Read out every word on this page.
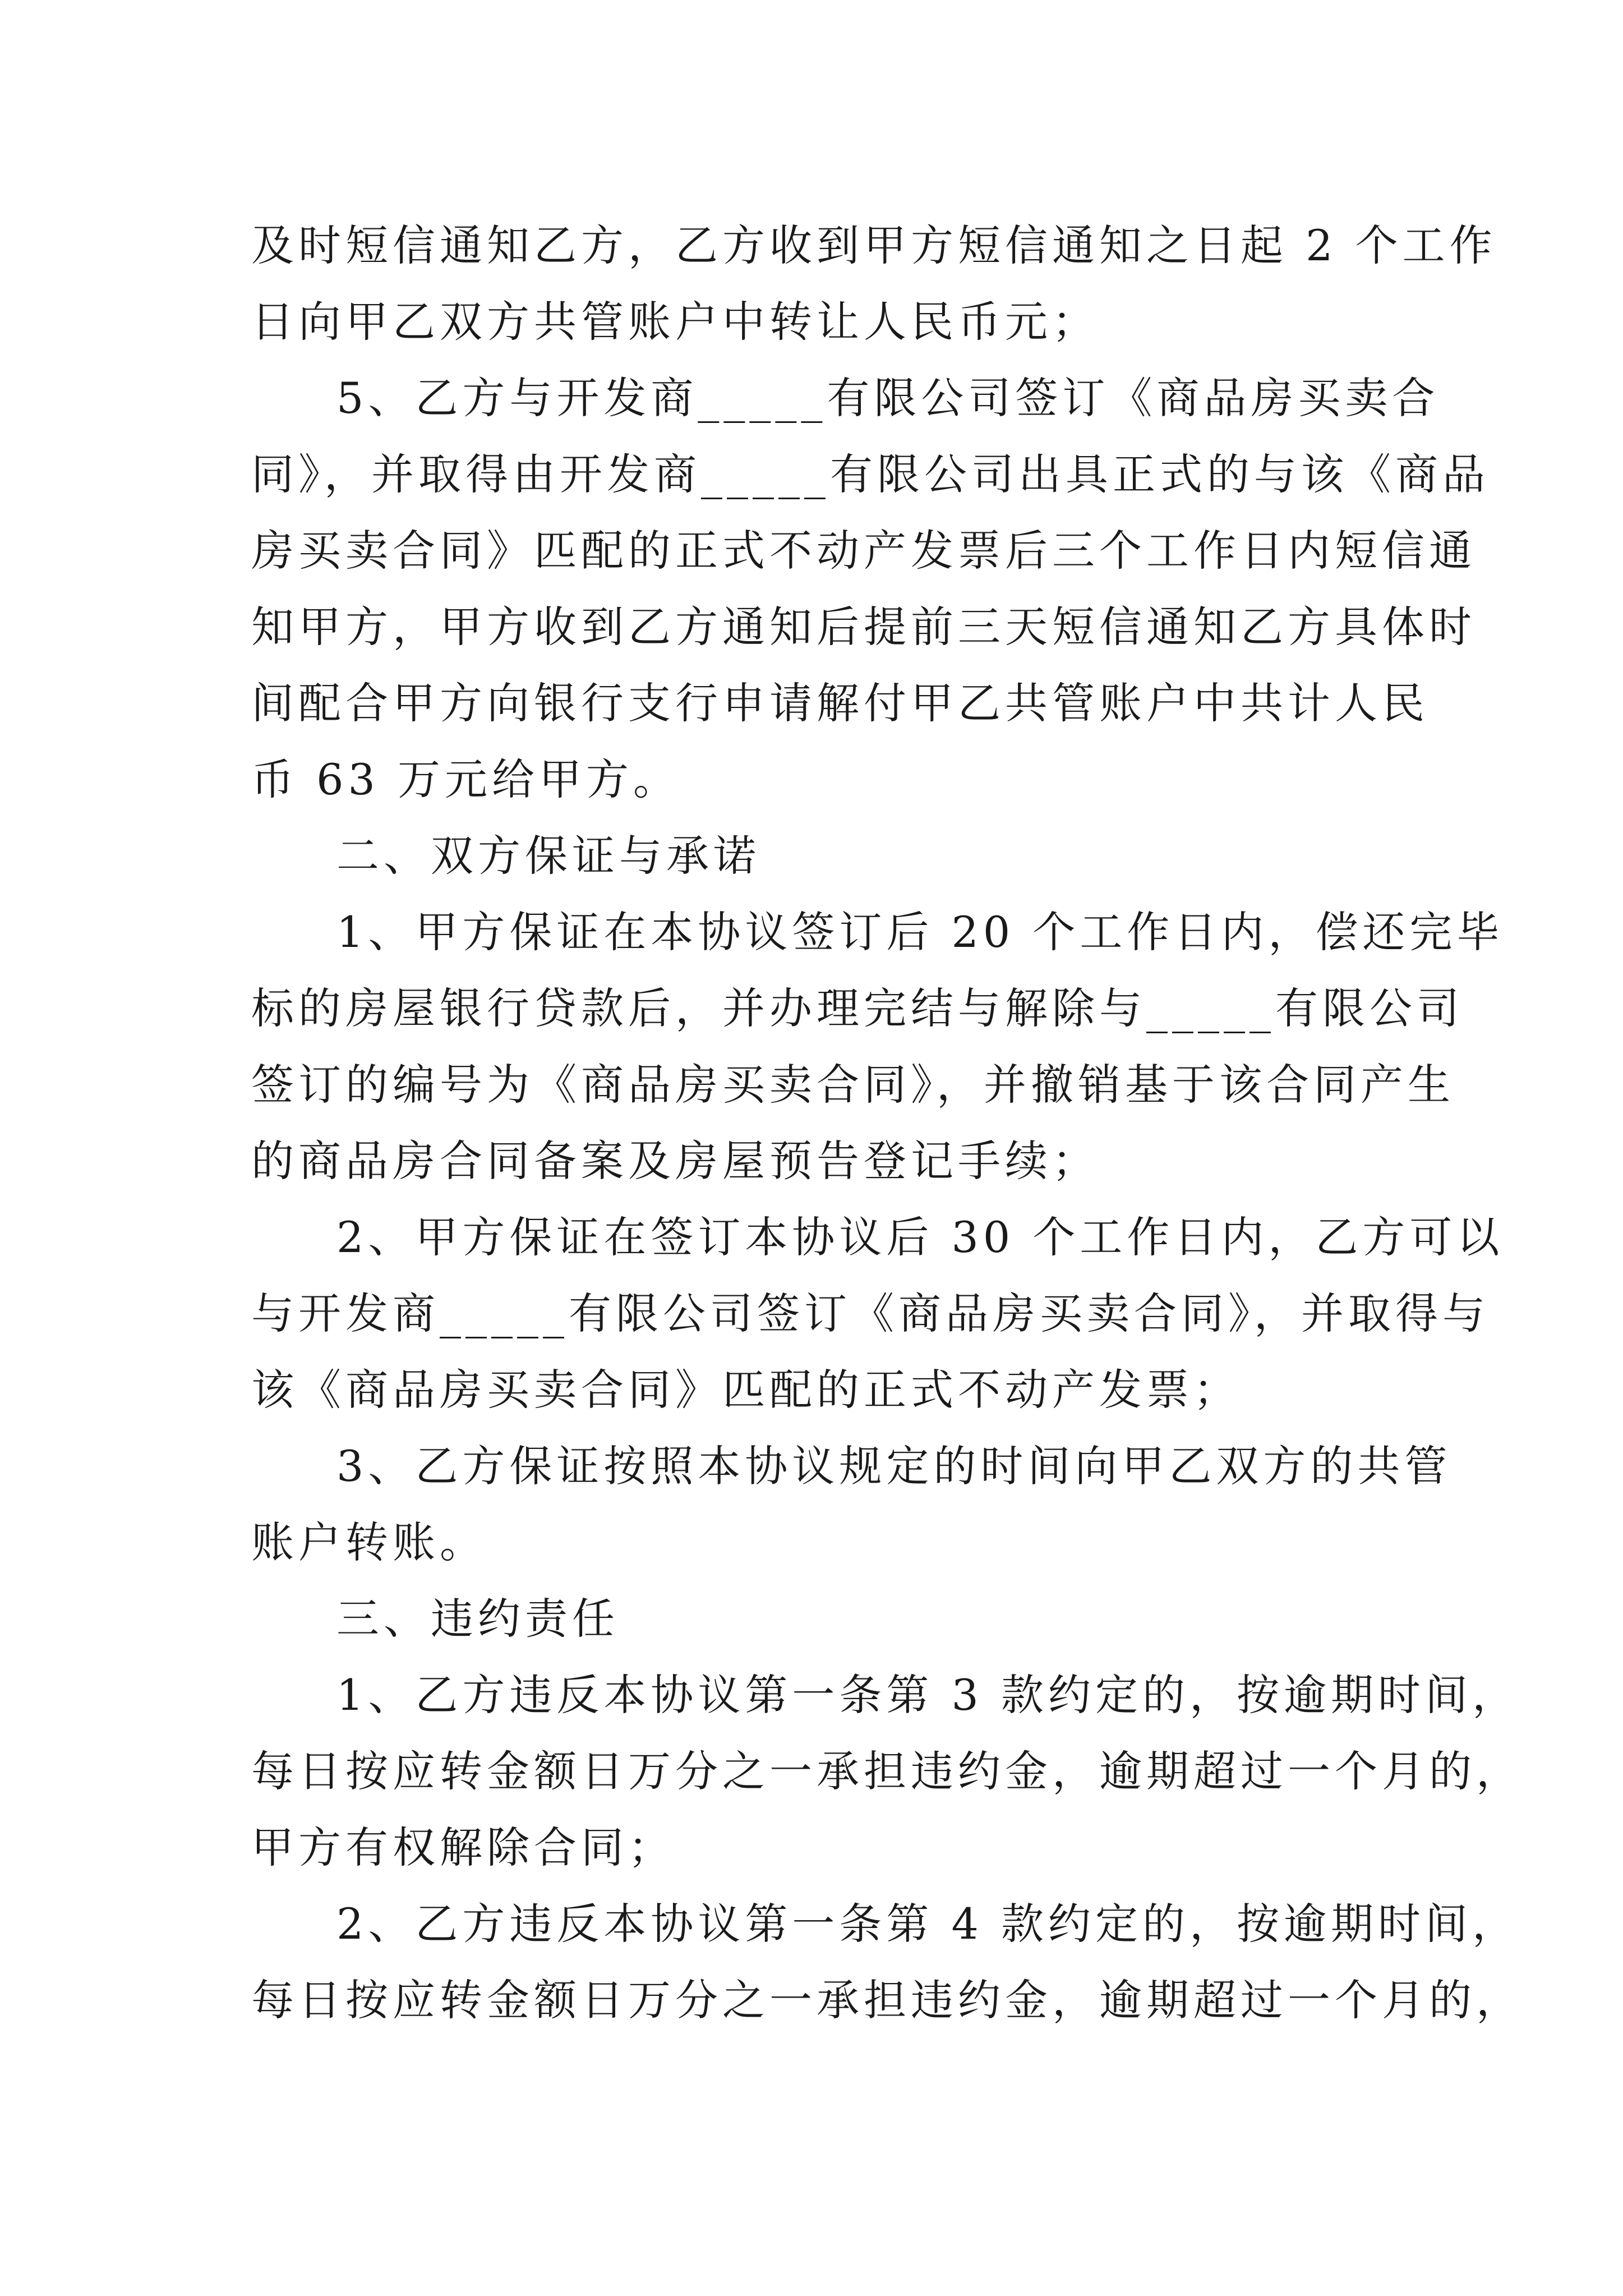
及时短信通知乙方，乙方收到甲方短信通知之日起 2 个工作
日向甲乙双方共管账户中转让人民币元；
5、乙方与开发商_____有限公司签订《商品房买卖合
同》，并取得由开发商_____有限公司出具正式的与该《商品
房买卖合同》匹配的正式不动产发票后三个工作日内短信通
知甲方，甲方收到乙方通知后提前三天短信通知乙方具体时
间配合甲方向银行支行申请解付甲乙共管账户中共计人民
币 63 万元给甲方。
二、双方保证与承诺
1、甲方保证在本协议签订后 20 个工作日内，偿还完毕
标的房屋银行贷款后，并办理完结与解除与_____有限公司
签订的编号为《商品房买卖合同》，并撤销基于该合同产生
的商品房合同备案及房屋预告登记手续；
2、甲方保证在签订本协议后 30 个工作日内，乙方可以
与开发商_____有限公司签订《商品房买卖合同》，并取得与
该《商品房买卖合同》匹配的正式不动产发票；
3、乙方保证按照本协议规定的时间向甲乙双方的共管
账户转账。
三、违约责任
1、乙方违反本协议第一条第 3 款约定的，按逾期时间，
每日按应转金额日万分之一承担违约金，逾期超过一个月的，
甲方有权解除合同；
2、乙方违反本协议第一条第 4 款约定的，按逾期时间，
每日按应转金额日万分之一承担违约金，逾期超过一个月的，
